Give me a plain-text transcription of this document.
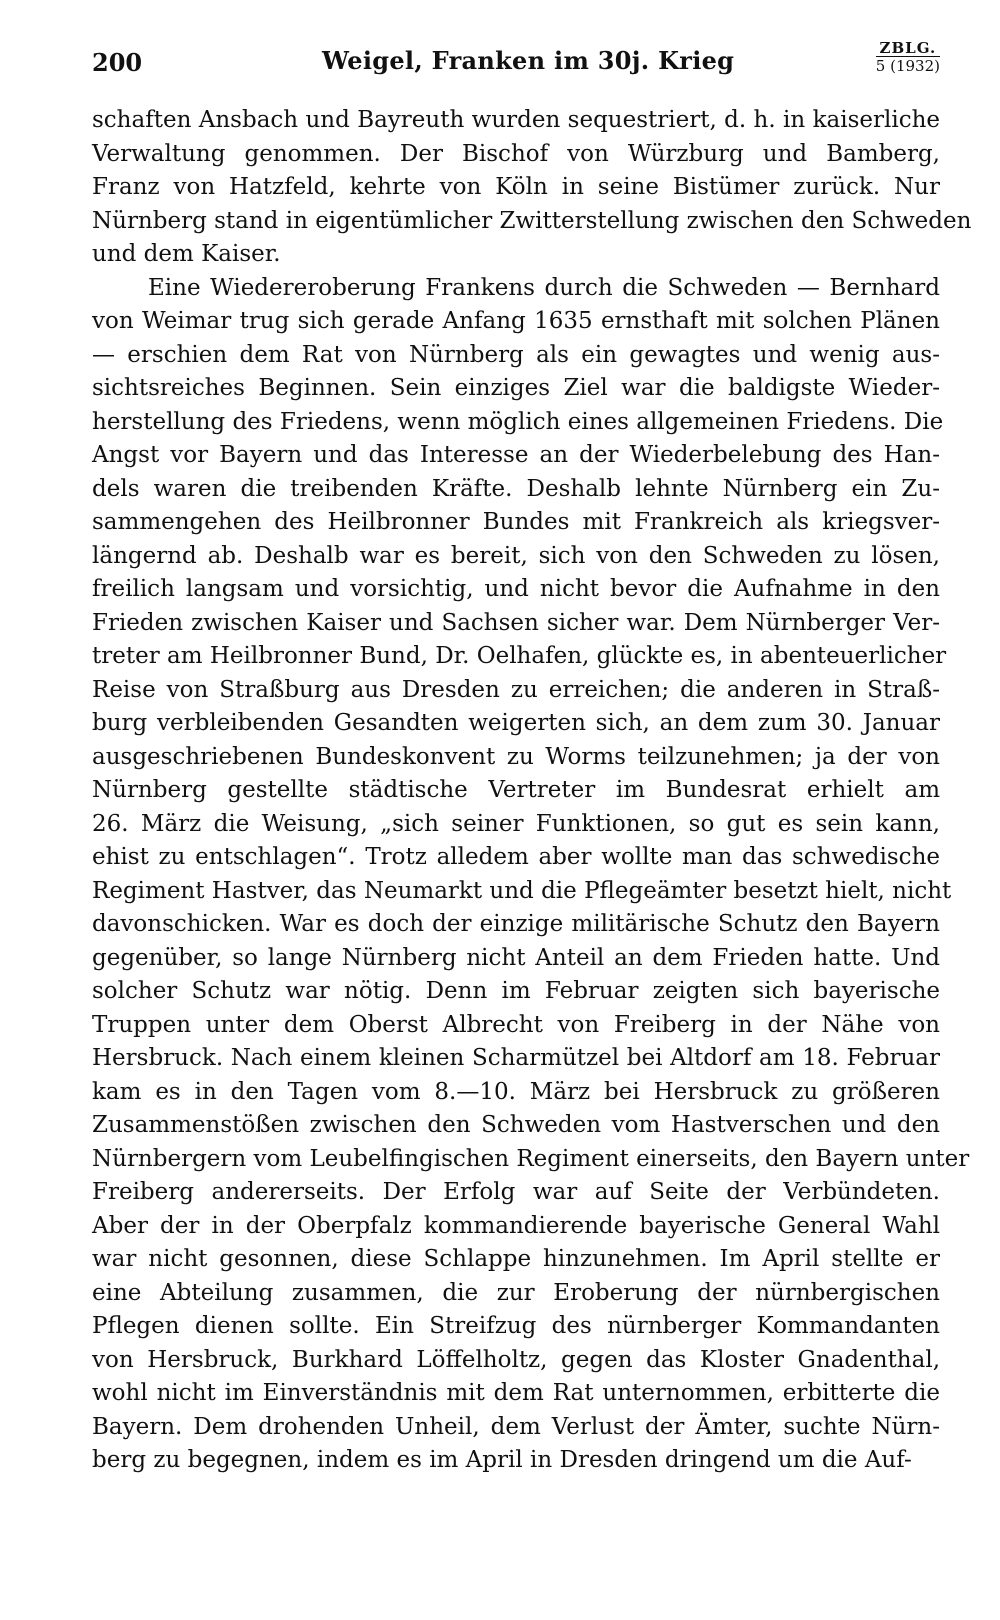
200	Weigel, Franken im 30j. Krieg	ZBLG.
5 (1932)
schaften Ansbach und Bayreuth wurden sequestriert, d. h. in kaiserliche
Verwaltung genommen. Der Bischof von Würzburg und Bamberg,
Franz von Hatzfeld, kehrte von Köln in seine Bistümer zurück. Nur
Nürnberg stand in eigentümlicher Zwitterstellung zwischen den Schweden
und dem Kaiser.
Eine Wiedereroberung Frankens durch die Schweden — Bernhard
von Weimar trug sich gerade Anfang 1635 ernsthaft mit solchen Plänen
— erschien dem Rat von Nürnberg als ein gewagtes und wenig aus-
sichtsreiches Beginnen. Sein einziges Ziel war die baldigste Wieder-
herstellung des Friedens, wenn möglich eines allgemeinen Friedens. Die
Angst vor Bayern und das Interesse an der Wiederbelebung des Han-
dels waren die treibenden Kräfte. Deshalb lehnte Nürnberg ein Zu-
sammengehen des Heilbronner Bundes mit Frankreich als kriegsver-
längernd ab. Deshalb war es bereit, sich von den Schweden zu lösen,
freilich langsam und vorsichtig, und nicht bevor die Aufnahme in den
Frieden zwischen Kaiser und Sachsen sicher war. Dem Nürnberger Ver-
treter am Heilbronner Bund, Dr. Oelhafen, glückte es, in abenteuerlicher
Reise von Straßburg aus Dresden zu erreichen; die anderen in Straß-
burg verbleibenden Gesandten weigerten sich, an dem zum 30. Januar
ausgeschriebenen Bundeskonvent zu Worms teilzunehmen; ja der von
Nürnberg gestellte städtische Vertreter im Bundesrat erhielt am
26. März die Weisung, „sich seiner Funktionen, so gut es sein kann,
ehist zu entschlagen“. Trotz alledem aber wollte man das schwedische
Regiment Hastver, das Neumarkt und die Pflegeämter besetzt hielt, nicht
davonschicken. War es doch der einzige militärische Schutz den Bayern
gegenüber, so lange Nürnberg nicht Anteil an dem Frieden hatte. Und
solcher Schutz war nötig. Denn im Februar zeigten sich bayerische
Truppen unter dem Oberst Albrecht von Freiberg in der Nähe von
Hersbruck. Nach einem kleinen Scharmützel bei Altdorf am 18. Februar
kam es in den Tagen vom 8.—10. März bei Hersbruck zu größeren
Zusammenstößen zwischen den Schweden vom Hastverschen und den
Nürnbergern vom Leubelfingischen Regiment einerseits, den Bayern unter
Freiberg andererseits. Der Erfolg war auf Seite der Verbündeten.
Aber der in der Oberpfalz kommandierende bayerische General Wahl
war nicht gesonnen, diese Schlappe hinzunehmen. Im April stellte er
eine Abteilung zusammen, die zur Eroberung der nürnbergischen
Pflegen dienen sollte. Ein Streifzug des nürnberger Kommandanten
von Hersbruck, Burkhard Löffelholtz, gegen das Kloster Gnadenthal,
wohl nicht im Einverständnis mit dem Rat unternommen, erbitterte die
Bayern. Dem drohenden Unheil, dem Verlust der Ämter, suchte Nürn-
berg zu begegnen, indem es im April in Dresden dringend um die Auf-
